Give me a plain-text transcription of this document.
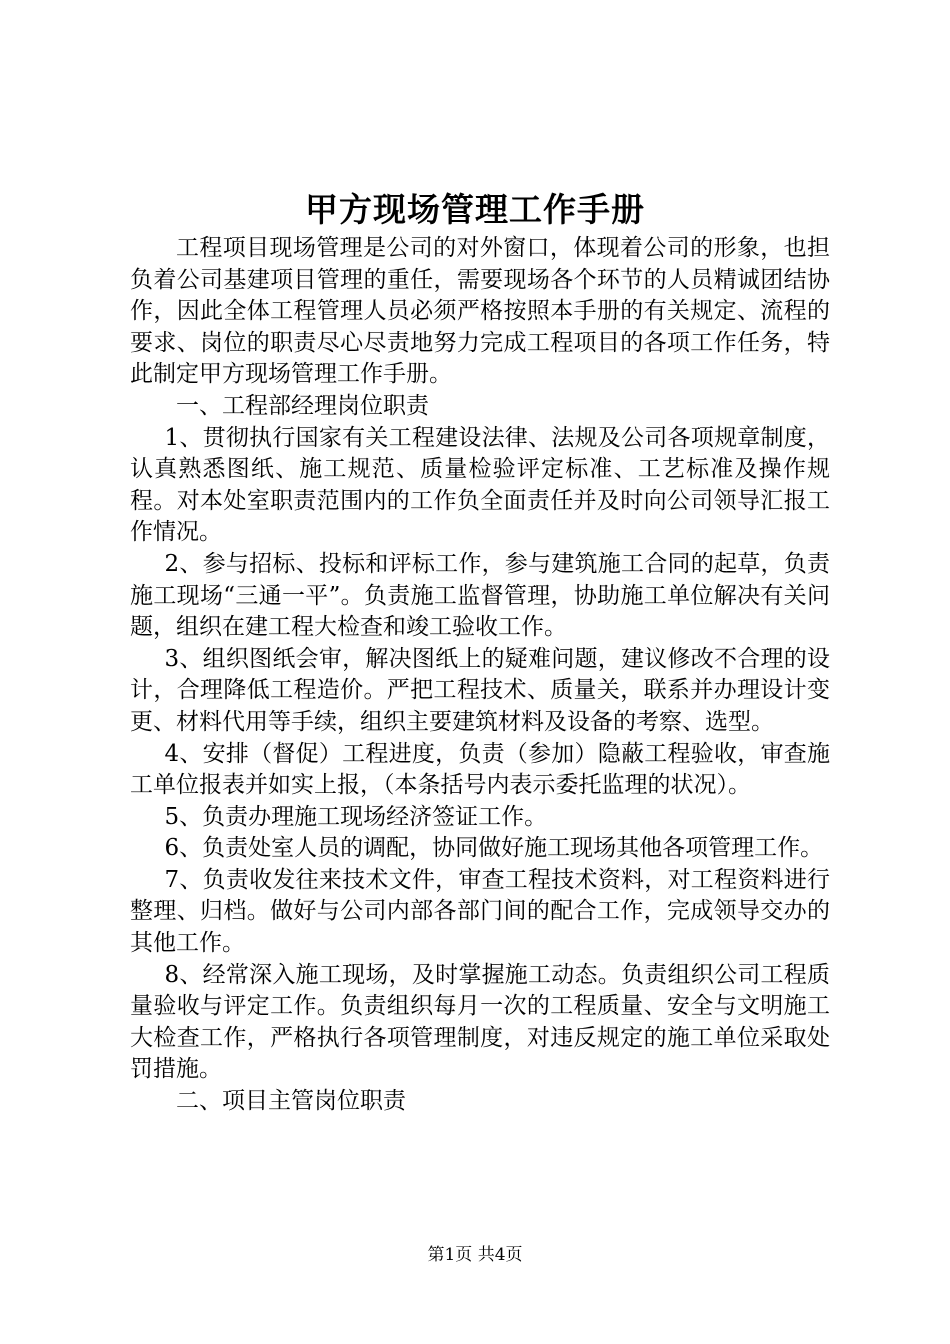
甲方现场管理工作手册

工程项目现场管理是公司的对外窗口，体现着公司的形象，也担负着公司基建项目管理的重任，需要现场各个环节的人员精诚团结协作，因此全体工程管理人员必须严格按照本手册的有关规定、流程的要求、岗位的职责尽心尽责地努力完成工程项目的各项工作任务，特此制定甲方现场管理工作手册。

一、工程部经理岗位职责

1、贯彻执行国家有关工程建设法律、法规及公司各项规章制度，认真熟悉图纸、施工规范、质量检验评定标准、工艺标准及操作规程。对本处室职责范围内的工作负全面责任并及时向公司领导汇报工作情况。

2、参与招标、投标和评标工作，参与建筑施工合同的起草，负责施工现场“三通一平”。负责施工监督管理，协助施工单位解决有关问题，组织在建工程大检查和竣工验收工作。

3、组织图纸会审，解决图纸上的疑难问题，建议修改不合理的设计，合理降低工程造价。严把工程技术、质量关，联系并办理设计变更、材料代用等手续，组织主要建筑材料及设备的考察、选型。

4、安排（督促）工程进度，负责（参加）隐蔽工程验收，审查施工单位报表并如实上报，（本条括号内表示委托监理的状况）。

5、负责办理施工现场经济签证工作。

6、负责处室人员的调配，协同做好施工现场其他各项管理工作。

7、负责收发往来技术文件，审查工程技术资料，对工程资料进行整理、归档。做好与公司内部各部门间的配合工作，完成领导交办的其他工作。

8、经常深入施工现场，及时掌握施工动态。负责组织公司工程质量验收与评定工作。负责组织每月一次的工程质量、安全与文明施工大检查工作，严格执行各项管理制度，对违反规定的施工单位采取处罚措施。

二、项目主管岗位职责

第1页 共4页
